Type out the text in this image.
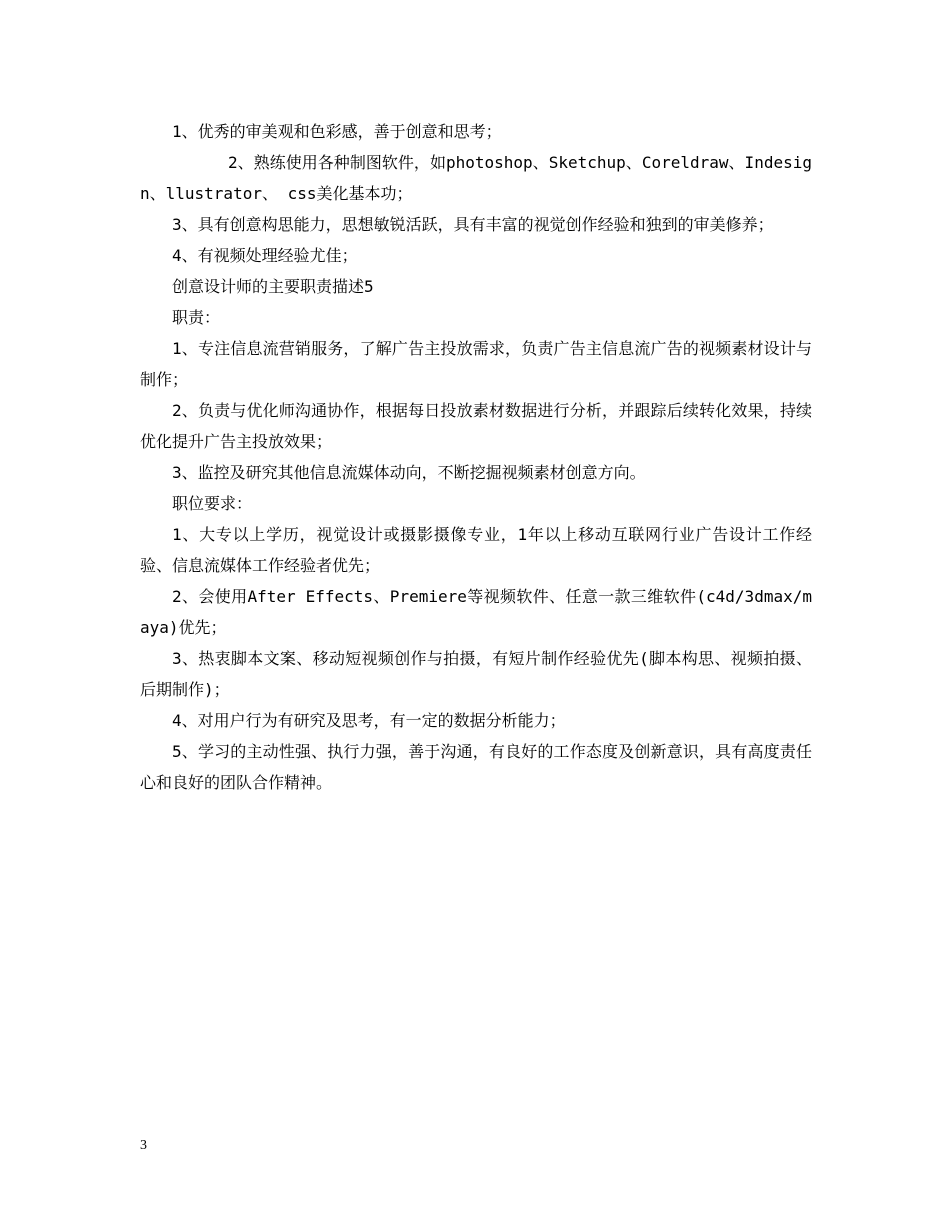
1、优秀的审美观和色彩感，善于创意和思考；

2、熟练使用各种制图软件，如photoshop、Sketchup、Coreldraw、Indesign、llustrator、 css美化基本功；

3、具有创意构思能力，思想敏锐活跃，具有丰富的视觉创作经验和独到的审美修养；

4、有视频处理经验尤佳；

创意设计师的主要职责描述5

职责：

1、专注信息流营销服务，了解广告主投放需求，负责广告主信息流广告的视频素材设计与制作；

2、负责与优化师沟通协作，根据每日投放素材数据进行分析，并跟踪后续转化效果，持续优化提升广告主投放效果；

3、监控及研究其他信息流媒体动向，不断挖掘视频素材创意方向。

职位要求：

1、大专以上学历，视觉设计或摄影摄像专业，1年以上移动互联网行业广告设计工作经验、信息流媒体工作经验者优先；

2、会使用After Effects、Premiere等视频软件、任意一款三维软件(c4d/3dmax/maya)优先；

3、热衷脚本文案、移动短视频创作与拍摄，有短片制作经验优先(脚本构思、视频拍摄、后期制作)；

4、对用户行为有研究及思考，有一定的数据分析能力；

5、学习的主动性强、执行力强，善于沟通，有良好的工作态度及创新意识，具有高度责任心和良好的团队合作精神。

3
